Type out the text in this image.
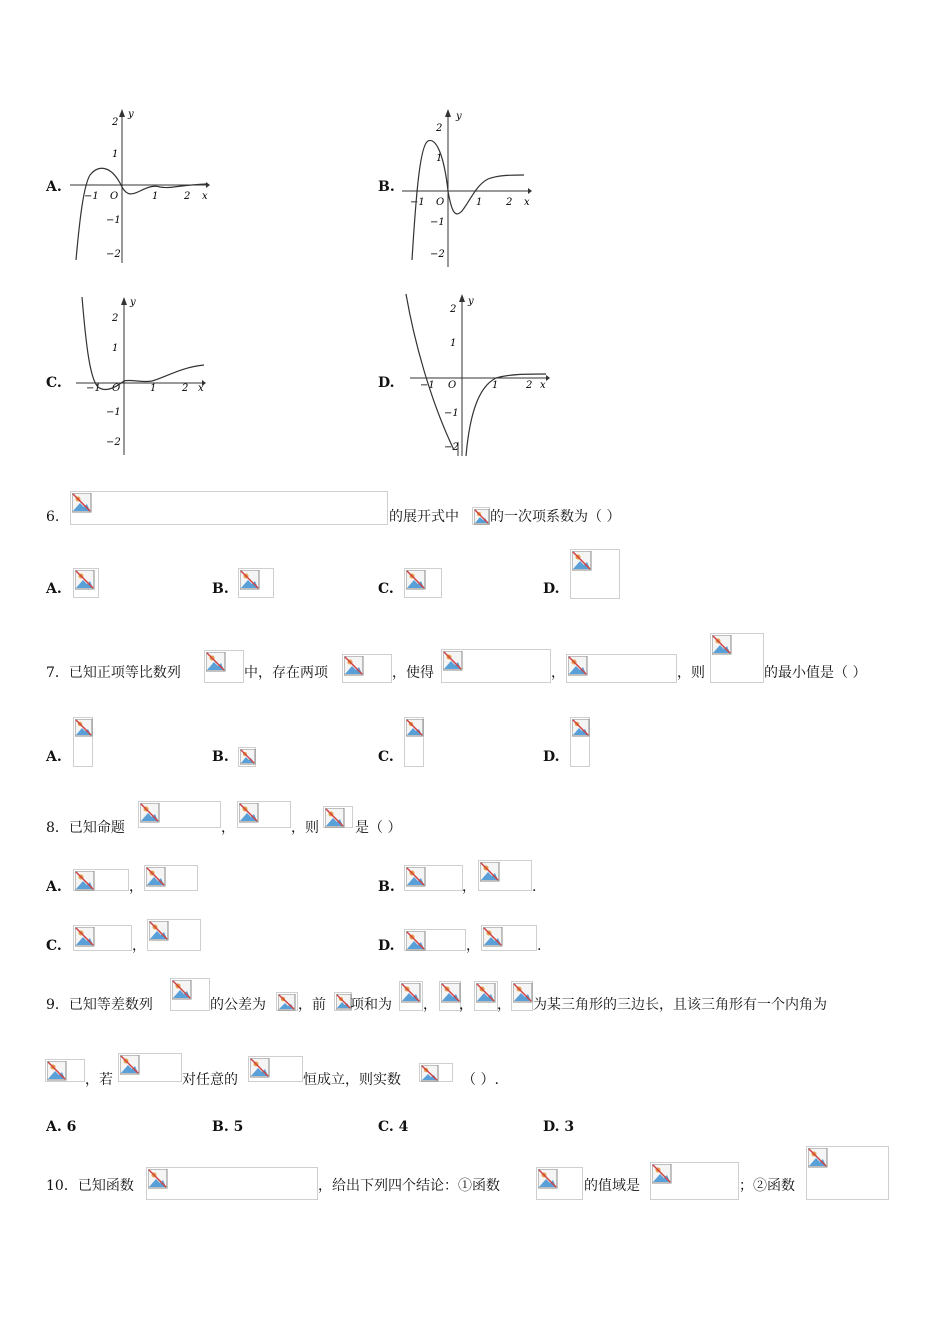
A.
y
x
2
1
−1
−2
−1	1	2
O
B.
y
x
2
1
−1
−2
−1	1 2
O
C.
y
x
2
1
−1
−2
−1	1	2
O	D.
y
x
2
1
−1
−2
−1	1	2
O
6.	的展开式中 的一次项系数为（ ）
A.	B.	C.	D.
7．已知正项等比数列	中，存在两项	，使得	，	，则	的最小值是（ ）
A.	B.	C.	D.
8．已知命题	，	，则	是（ ）
A.	，	B.	，	.
C.	，	D.	，	.
9．已知等差数列	的公差为 ，前 项和为 ， ， ， 为某三角形的三边长，且该三角形有一个内角为
，若	对任意的	恒成立，则实数	（ ）.
A. 6	B. 5	C. 4	D. 3
10．已知函数	，给出下列四个结论：①函数	的值域是	；②函数
